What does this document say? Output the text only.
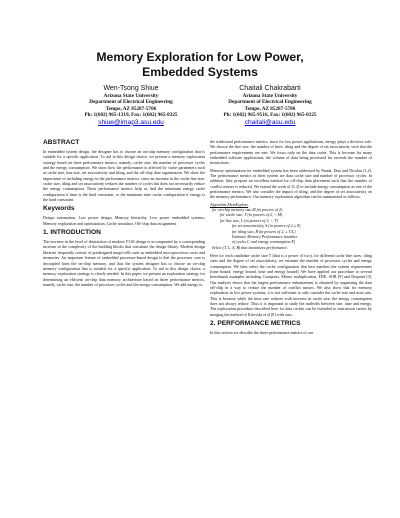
Memory Exploration for Low Power,
Embedded Systems
Wen-Tsong Shiue
Arizona State University
Department of Electrical Engineering
Tempe, AZ 85287-5706
Ph: 1(602) 965-1319, Fax: 1(602) 965-8325
shiue@imap3.asu.edu
Chaitali Chakrabarti
Arizona State University
Department of Electrical Engineering
Tempe, AZ 85287-5706
Ph: 1(602) 965-9516, Fax: 1(602) 965-8325
chaitali@asu.edu
ABSTRACT

In embedded system design, the designer has to choose an on-chip memory configuration that is suitable for a specific application. To aid in this design choice, we present a memory exploration strategy based on three performance metrics, namely, cache size, the number of processor cycles and the energy consumption. We show how the performance is affected by cache parameters such as cache size, line size, set associativity and tiling, and the off-chip data organization. We show the importance of including energy in the performance metrics, since an increase in the cache line size, cache size, tiling and set associativity reduces the number of cycles but does not necessarily reduce the energy consumption. These performance metrics help us find the minimum energy cache configuration if time is the hard constraint, or the minimum time cache configuration if energy is the hard constraint.

Keywords

Design automation, Low power design, Memory hierarchy, Low power embedded systems, Memory exploration and optimization, Cache simulator, Off-chip data assignment.

1. INTRODUCTION

The increase in the level of abstraction of modern VLSI design is accompanied by a corresponding increase in the complexity of the building blocks that constitute the design library. Modern design libraries frequently consist of predesigned mega-cells such as embedded microprocessor cores and memories. An important feature of embedded processor-based design is that the processor core is decoupled from the on-chip memory, and thus the system designer has to choose an on-chip memory configuration that is suitable for a specific application. To aid in this design choice, a memory exploration strategy is clearly needed. In this paper, we present an exploration strategy for determining an efficient on-chip data memory architecture based on three performance metrics, namely, cache size, the number of processor cycles and the energy consumption. We add energy to

the traditional performance metrics, since for low power applications, energy plays a decisive role. We choose the line size, the number of lines, tiling and the degree of set associativity such that the performance requirements are met. We focus only on the data cache. This is because for many embedded software applications, the volume of data being processed far exceeds the number of instructions.

Memory optimization for embedded system has been addressed by Panda, Dutt and Nicolau [1,2]. The performance metrics of their system are data cache size and number of processor cycles. In addition, they propose an excellent method for off-chip data placement such that the number of conflict misses is reduced. We extend the work of [1,2] to include energy consumption as one of the performance metrics. We also consider the impact of tiling, and the degree of set associativity on the memory performance. Our memory exploration algorithm can be summarized as follows.

Algorithm MemExplore
for on-chip memory size,M (in powers of 2)
for cache size, T (in powers of 2, < M)
for line size, L (in powers of 2, < T)
for set associativity, S (in powers of 2,≤ 8)
for tiling size, B (in powers of 2, ≤ T/L)
Estimate Memory Performance (number
of cycles C and energy consumption E)
Select (T, L, S, B) that maximizes performance.

Here for each candidate cache size T (that is a power of two), for different cache line sizes, tiling sizes and the degree of set associativity, we estimate the number of processor cycles and energy consumption. We then select the cache configuration that best matches the system requirements (time bound, energy bound, time and energy bound). We have applied our procedure to several benchmark examples including Compress, Matrix multiplication, FDE, SOR [9] and Dequant [3]. Our analysis shows that the largest performance enhancement is obtained by organizing the data off-chip in a way to reduce the number of conflict misses. We also show that for memory exploration in low power systems, it is not sufficient to only consider the cache size and miss rate. This is because while the miss rate reduces with increase in cache size, the energy consumption does not always reduce. Thus it is important to study the tradeoffs between size, time and energy. The exploration procedure described here for data caches can be extended to instruction caches by merging the method of Kirovski et al [8] with ours.

2. PERFORMANCE METRICS

In this section we describe the three performance metrics of our
